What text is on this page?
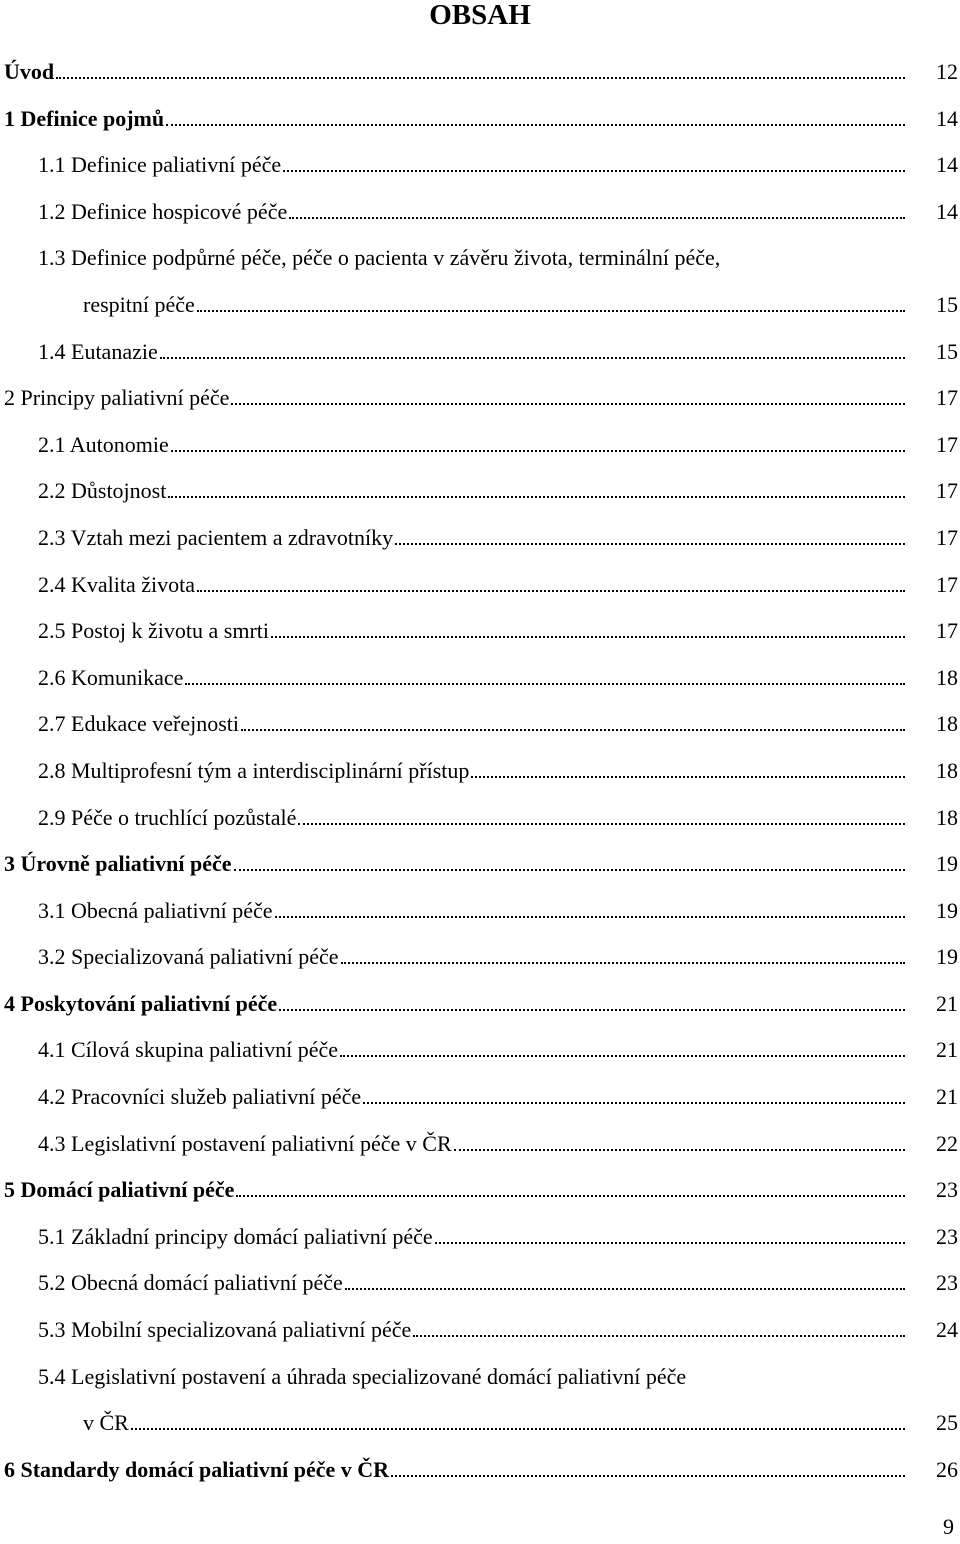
OBSAH
Úvod	12
1 Definice pojmů	14
1.1 Definice paliativní péče	14
1.2 Definice hospicové péče	14
1.3 Definice podpůrné péče, péče o pacienta v závěru života, terminální péče,
respitní péče	15
1.4 Eutanazie	15
2 Principy paliativní péče	17
2.1 Autonomie	17
2.2 Důstojnost	17
2.3 Vztah mezi pacientem a zdravotníky	17
2.4 Kvalita života	17
2.5 Postoj k životu a smrti	17
2.6 Komunikace	18
2.7 Edukace veřejnosti	18
2.8 Multiprofesní tým a interdisciplinární přístup	18
2.9 Péče o truchlící pozůstalé	18
3 Úrovně paliativní péče	19
3.1 Obecná paliativní péče	19
3.2 Specializovaná paliativní péče	19
4 Poskytování paliativní péče	21
4.1 Cílová skupina paliativní péče	21
4.2 Pracovníci služeb paliativní péče	21
4.3 Legislativní postavení paliativní péče v ČR	22
5 Domácí paliativní péče	23
5.1 Základní principy domácí paliativní péče	23
5.2 Obecná domácí paliativní péče	23
5.3 Mobilní specializovaná paliativní péče	24
5.4 Legislativní postavení a úhrada specializované domácí paliativní péče
v ČR	25
6 Standardy domácí paliativní péče v ČR	26
9
